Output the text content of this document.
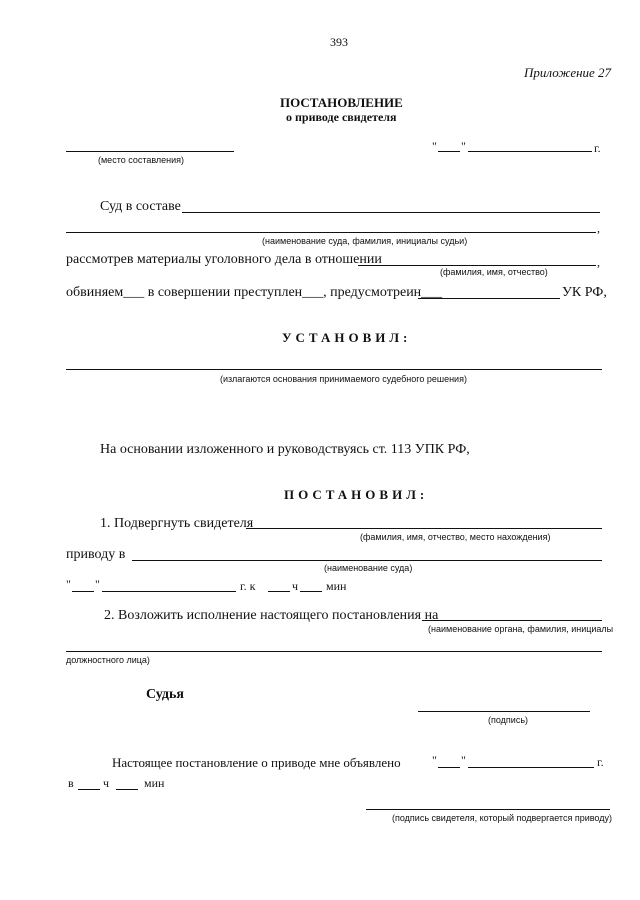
393
Приложение 27
ПОСТАНОВЛЕНИЕ
о приводе свидетеля
(место составления)
" "	г.
Суд в составе
,
(наименование суда, фамилия, инициалы судьи)
рассмотрев материалы уголовного дела в отношении	,
(фамилия, имя, отчество)
обвиняем___ в совершении преступлен___, предусмотреин___	УК РФ,
УСТАНОВИЛ:
(излагаются основания принимаемого судебного решения)
На основании изложенного и руководствуясь ст. 113 УПК РФ,
ПОСТАНОВИЛ:
1. Подвергнуть свидетеля
(фамилия, имя, отчество, место нахождения)
приводу в
(наименование суда)
" "	г. к	ч мин
2. Возложить исполнение настоящего постановления на
(наименование органа, фамилия, инициалы
должностного лица)
Судья
(подпись)
Настоящее постановление о приводе мне объявлено	" "	г.
в ч	мин
(подпись свидетеля, который подвергается приводу)
